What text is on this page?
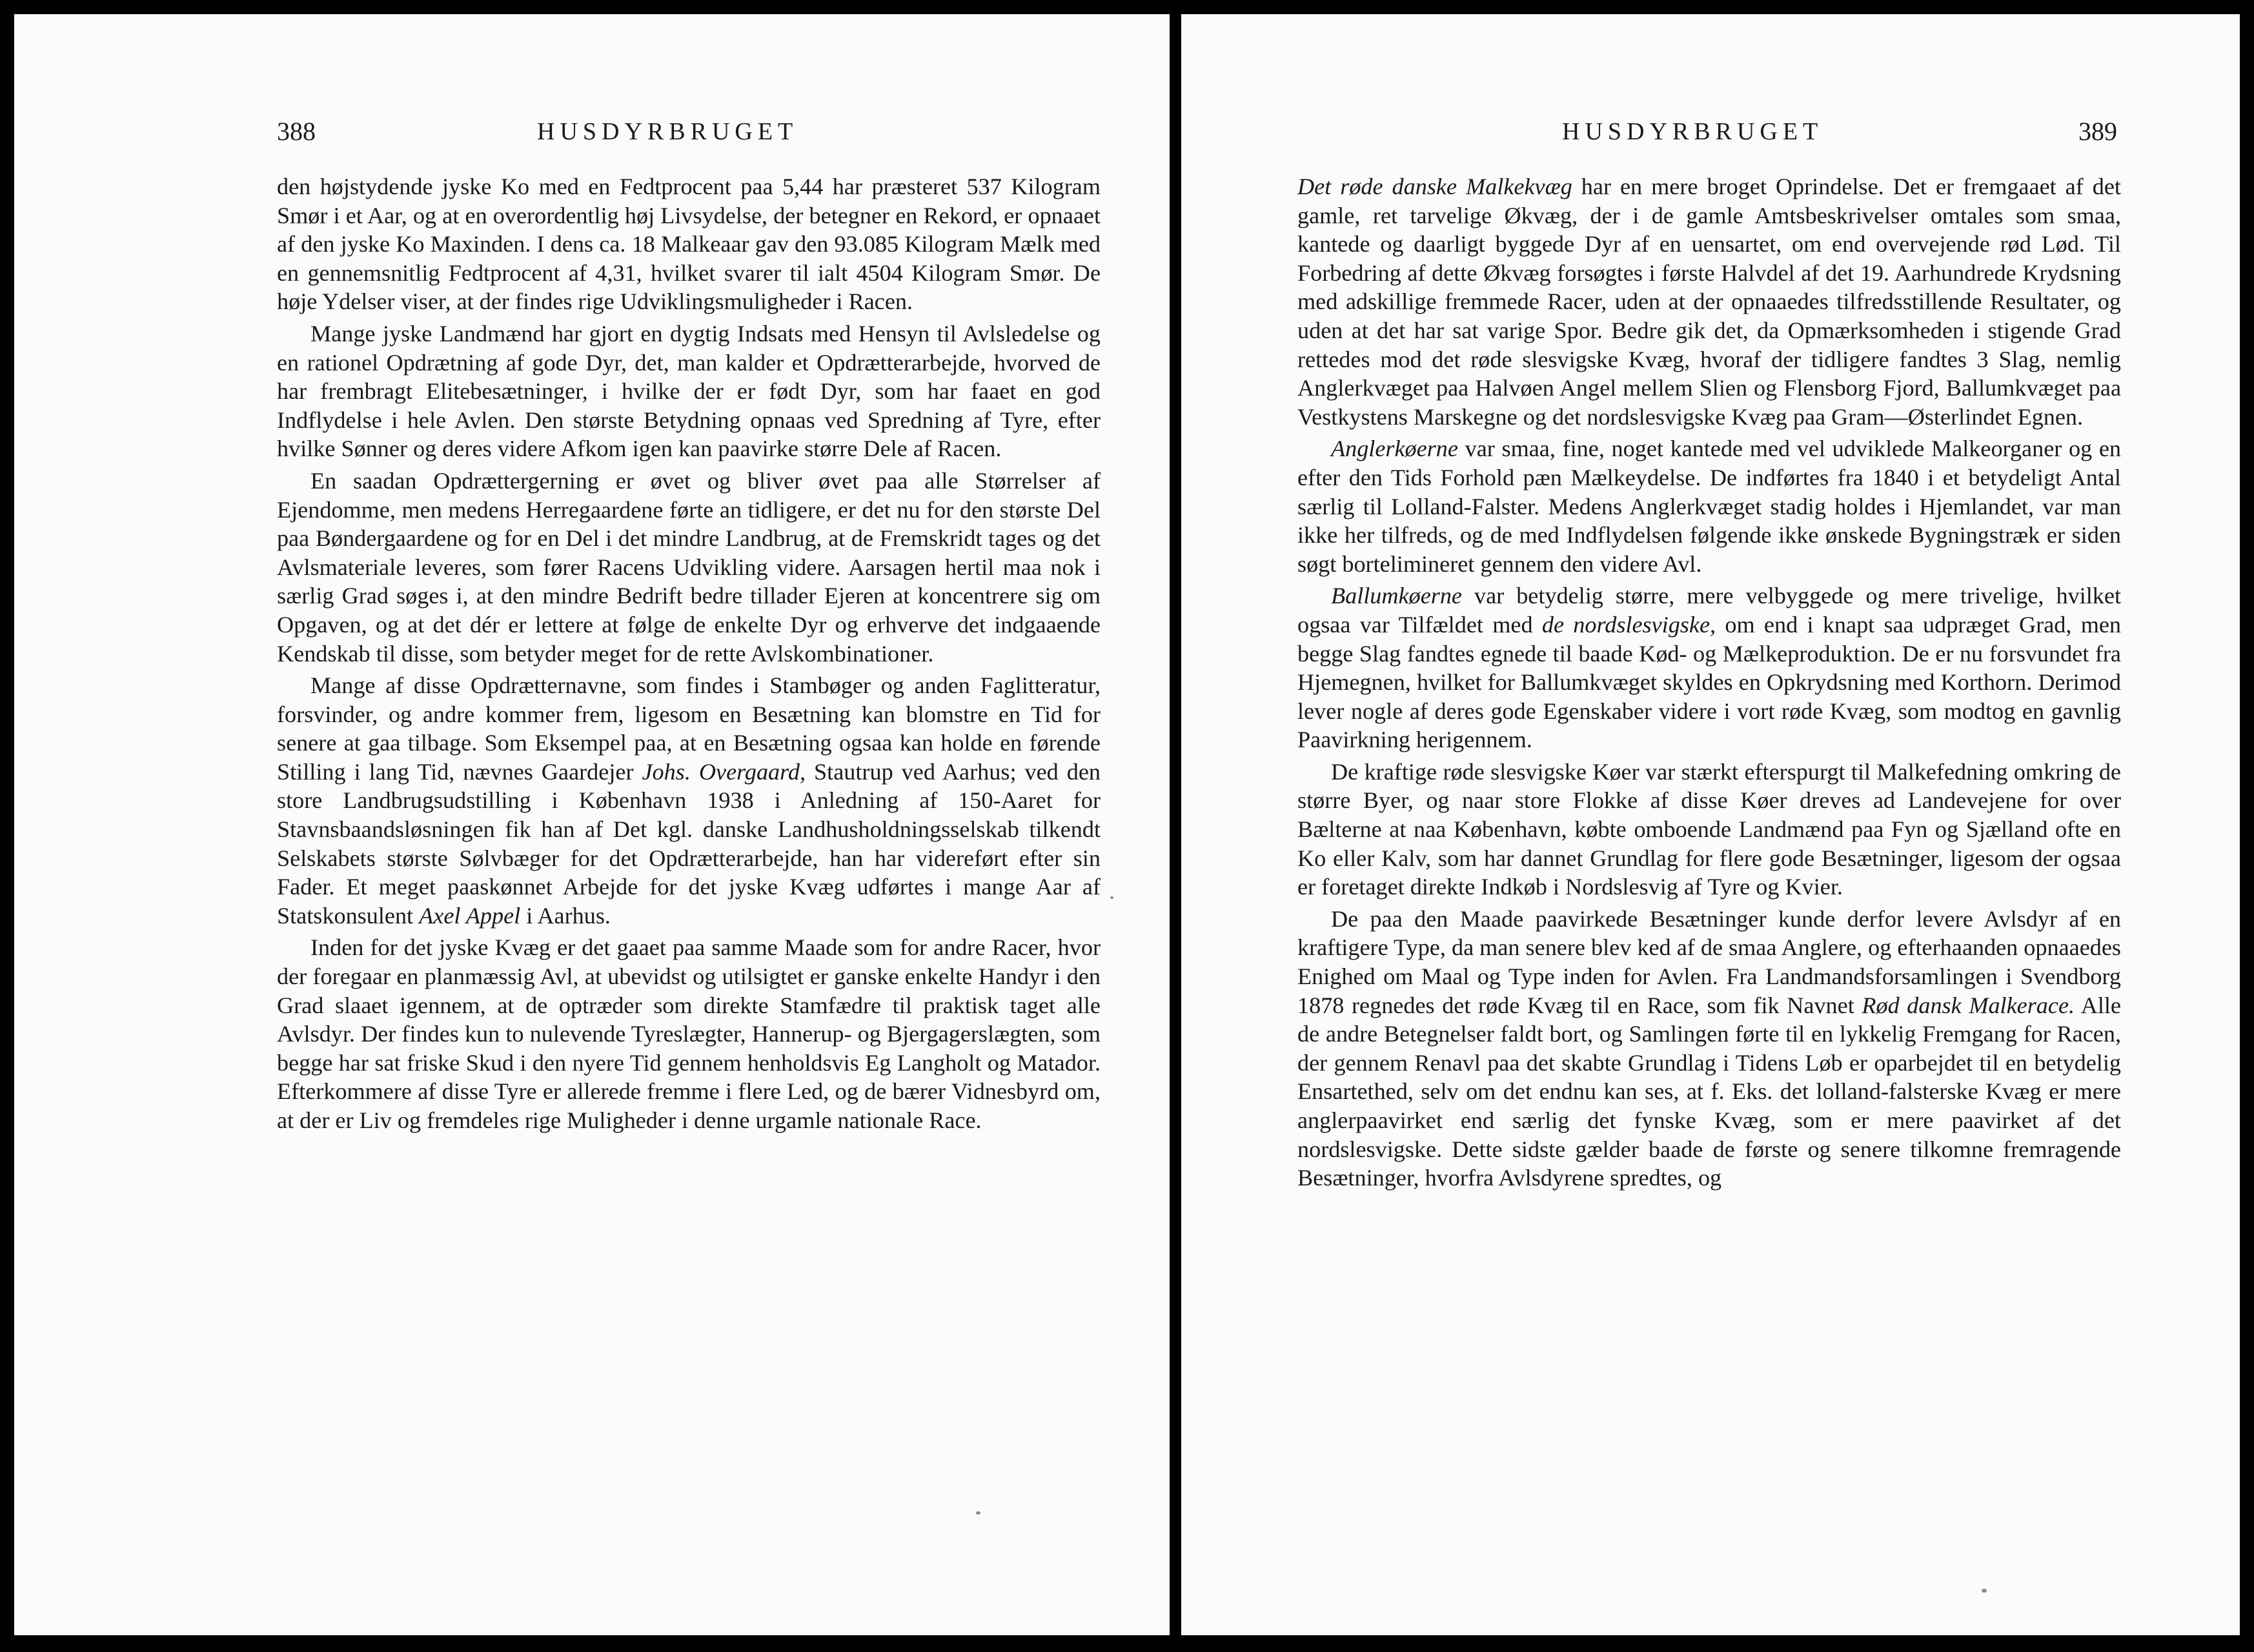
388	HUSDYRBRUGET

den højstydende jyske Ko med en Fedtprocent paa 5,44 har præsteret 537 Kilogram Smør i et Aar, og at en overordentlig høj Livsydelse, der betegner en Rekord, er opnaaet af den jyske Ko Maxinden. I dens ca. 18 Malkeaar gav den 93.085 Kilogram Mælk med en gennemsnitlig Fedtprocent af 4,31, hvilket svarer til ialt 4504 Kilogram Smør. De høje Ydelser viser, at der findes rige Udviklingsmuligheder i Racen.

Mange jyske Landmænd har gjort en dygtig Indsats med Hensyn til Avlsledelse og en rationel Opdrætning af gode Dyr, det, man kalder et Opdrætterarbejde, hvorved de har frembragt Elitebesætninger, i hvilke der er født Dyr, som har faaet en god Indflydelse i hele Avlen. Den største Betydning opnaas ved Spredning af Tyre, efter hvilke Sønner og deres videre Afkom igen kan paavirke større Dele af Racen.

En saadan Opdrættergerning er øvet og bliver øvet paa alle Størrelser af Ejendomme, men medens Herregaardene førte an tidligere, er det nu for den største Del paa Bøndergaardene og for en Del i det mindre Landbrug, at de Fremskridt tages og det Avlsmateriale leveres, som fører Racens Udvikling videre. Aarsagen hertil maa nok i særlig Grad søges i, at den mindre Bedrift bedre tillader Ejeren at koncentrere sig om Opgaven, og at det dér er lettere at følge de enkelte Dyr og erhverve det indgaaende Kendskab til disse, som betyder meget for de rette Avlskombinationer.

Mange af disse Opdrætternavne, som findes i Stambøger og anden Faglitteratur, forsvinder, og andre kommer frem, ligesom en Besætning kan blomstre en Tid for senere at gaa tilbage. Som Eksempel paa, at en Besætning ogsaa kan holde en førende Stilling i lang Tid, nævnes Gaardejer Johs. Overgaard, Stautrup ved Aarhus; ved den store Landbrugsudstilling i København 1938 i Anledning af 150-Aaret for Stavnsbaandsløsningen fik han af Det kgl. danske Landhusholdningsselskab tilkendt Selskabets største Sølvbæger for det Opdrætterarbejde, han har videreført efter sin Fader. Et meget paaskønnet Arbejde for det jyske Kvæg udførtes i mange Aar af Statskonsulent Axel Appel i Aarhus.

Inden for det jyske Kvæg er det gaaet paa samme Maade som for andre Racer, hvor der foregaar en planmæssig Avl, at ubevidst og utilsigtet er ganske enkelte Handyr i den Grad slaaet igennem, at de optræder som direkte Stamfædre til praktisk taget alle Avlsdyr. Der findes kun to nulevende Tyreslægter, Hannerup- og Bjergagerslægten, som begge har sat friske Skud i den nyere Tid gennem henholdsvis Eg Langholt og Matador. Efterkommere af disse Tyre er allerede fremme i flere Led, og de bærer Vidnesbyrd om, at der er Liv og fremdeles rige Muligheder i denne urgamle nationale Race.

HUSDYRBRUGET	389

Det røde danske Malkekvæg har en mere broget Oprindelse. Det er fremgaaet af det gamle, ret tarvelige Økvæg, der i de gamle Amtsbeskrivelser omtales som smaa, kantede og daarligt byggede Dyr af en uensartet, om end overvejende rød Lød. Til Forbedring af dette Økvæg forsøgtes i første Halvdel af det 19. Aarhundrede Krydsning med adskillige fremmede Racer, uden at der opnaaedes tilfredsstillende Resultater, og uden at det har sat varige Spor. Bedre gik det, da Opmærksomheden i stigende Grad rettedes mod det røde slesvigske Kvæg, hvoraf der tidligere fandtes 3 Slag, nemlig Anglerkvæget paa Halvøen Angel mellem Slien og Flensborg Fjord, Ballumkvæget paa Vestkystens Marskegne og det nordslesvigske Kvæg paa Gram—Østerlindet Egnen.

Anglerkøerne var smaa, fine, noget kantede med vel udviklede Malkeorganer og en efter den Tids Forhold pæn Mælkeydelse. De indførtes fra 1840 i et betydeligt Antal særlig til Lolland-Falster. Medens Anglerkvæget stadig holdes i Hjemlandet, var man ikke her tilfreds, og de med Indflydelsen følgende ikke ønskede Bygningstræk er siden søgt bortelimineret gennem den videre Avl.

Ballumkøerne var betydelig større, mere velbyggede og mere trivelige, hvilket ogsaa var Tilfældet med de nordslesvigske, om end i knapt saa udpræget Grad, men begge Slag fandtes egnede til baade Kød- og Mælkeproduktion. De er nu forsvundet fra Hjemegnen, hvilket for Ballumkvæget skyldes en Opkrydsning med Korthorn. Derimod lever nogle af deres gode Egenskaber videre i vort røde Kvæg, som modtog en gavnlig Paavirkning herigennem.

De kraftige røde slesvigske Køer var stærkt efterspurgt til Malkefedning omkring de større Byer, og naar store Flokke af disse Køer dreves ad Landevejene for over Bælterne at naa København, købte omboende Landmænd paa Fyn og Sjælland ofte en Ko eller Kalv, som har dannet Grundlag for flere gode Besætninger, ligesom der ogsaa er foretaget direkte Indkøb i Nordslesvig af Tyre og Kvier.

De paa den Maade paavirkede Besætninger kunde derfor levere Avlsdyr af en kraftigere Type, da man senere blev ked af de smaa Anglere, og efterhaanden opnaaedes Enighed om Maal og Type inden for Avlen. Fra Landmandsforsamlingen i Svendborg 1878 regnedes det røde Kvæg til en Race, som fik Navnet Rød dansk Malkerace. Alle de andre Betegnelser faldt bort, og Samlingen førte til en lykkelig Fremgang for Racen, der gennem Renavl paa det skabte Grundlag i Tidens Løb er oparbejdet til en betydelig Ensartethed, selv om det endnu kan ses, at f. Eks. det lolland-falsterske Kvæg er mere anglerpaavirket end særlig det fynske Kvæg, som er mere paavirket af det nordslesvigske. Dette sidste gælder baade de første og senere tilkomne fremragende Besætninger, hvorfra Avlsdyrene spredtes, og
